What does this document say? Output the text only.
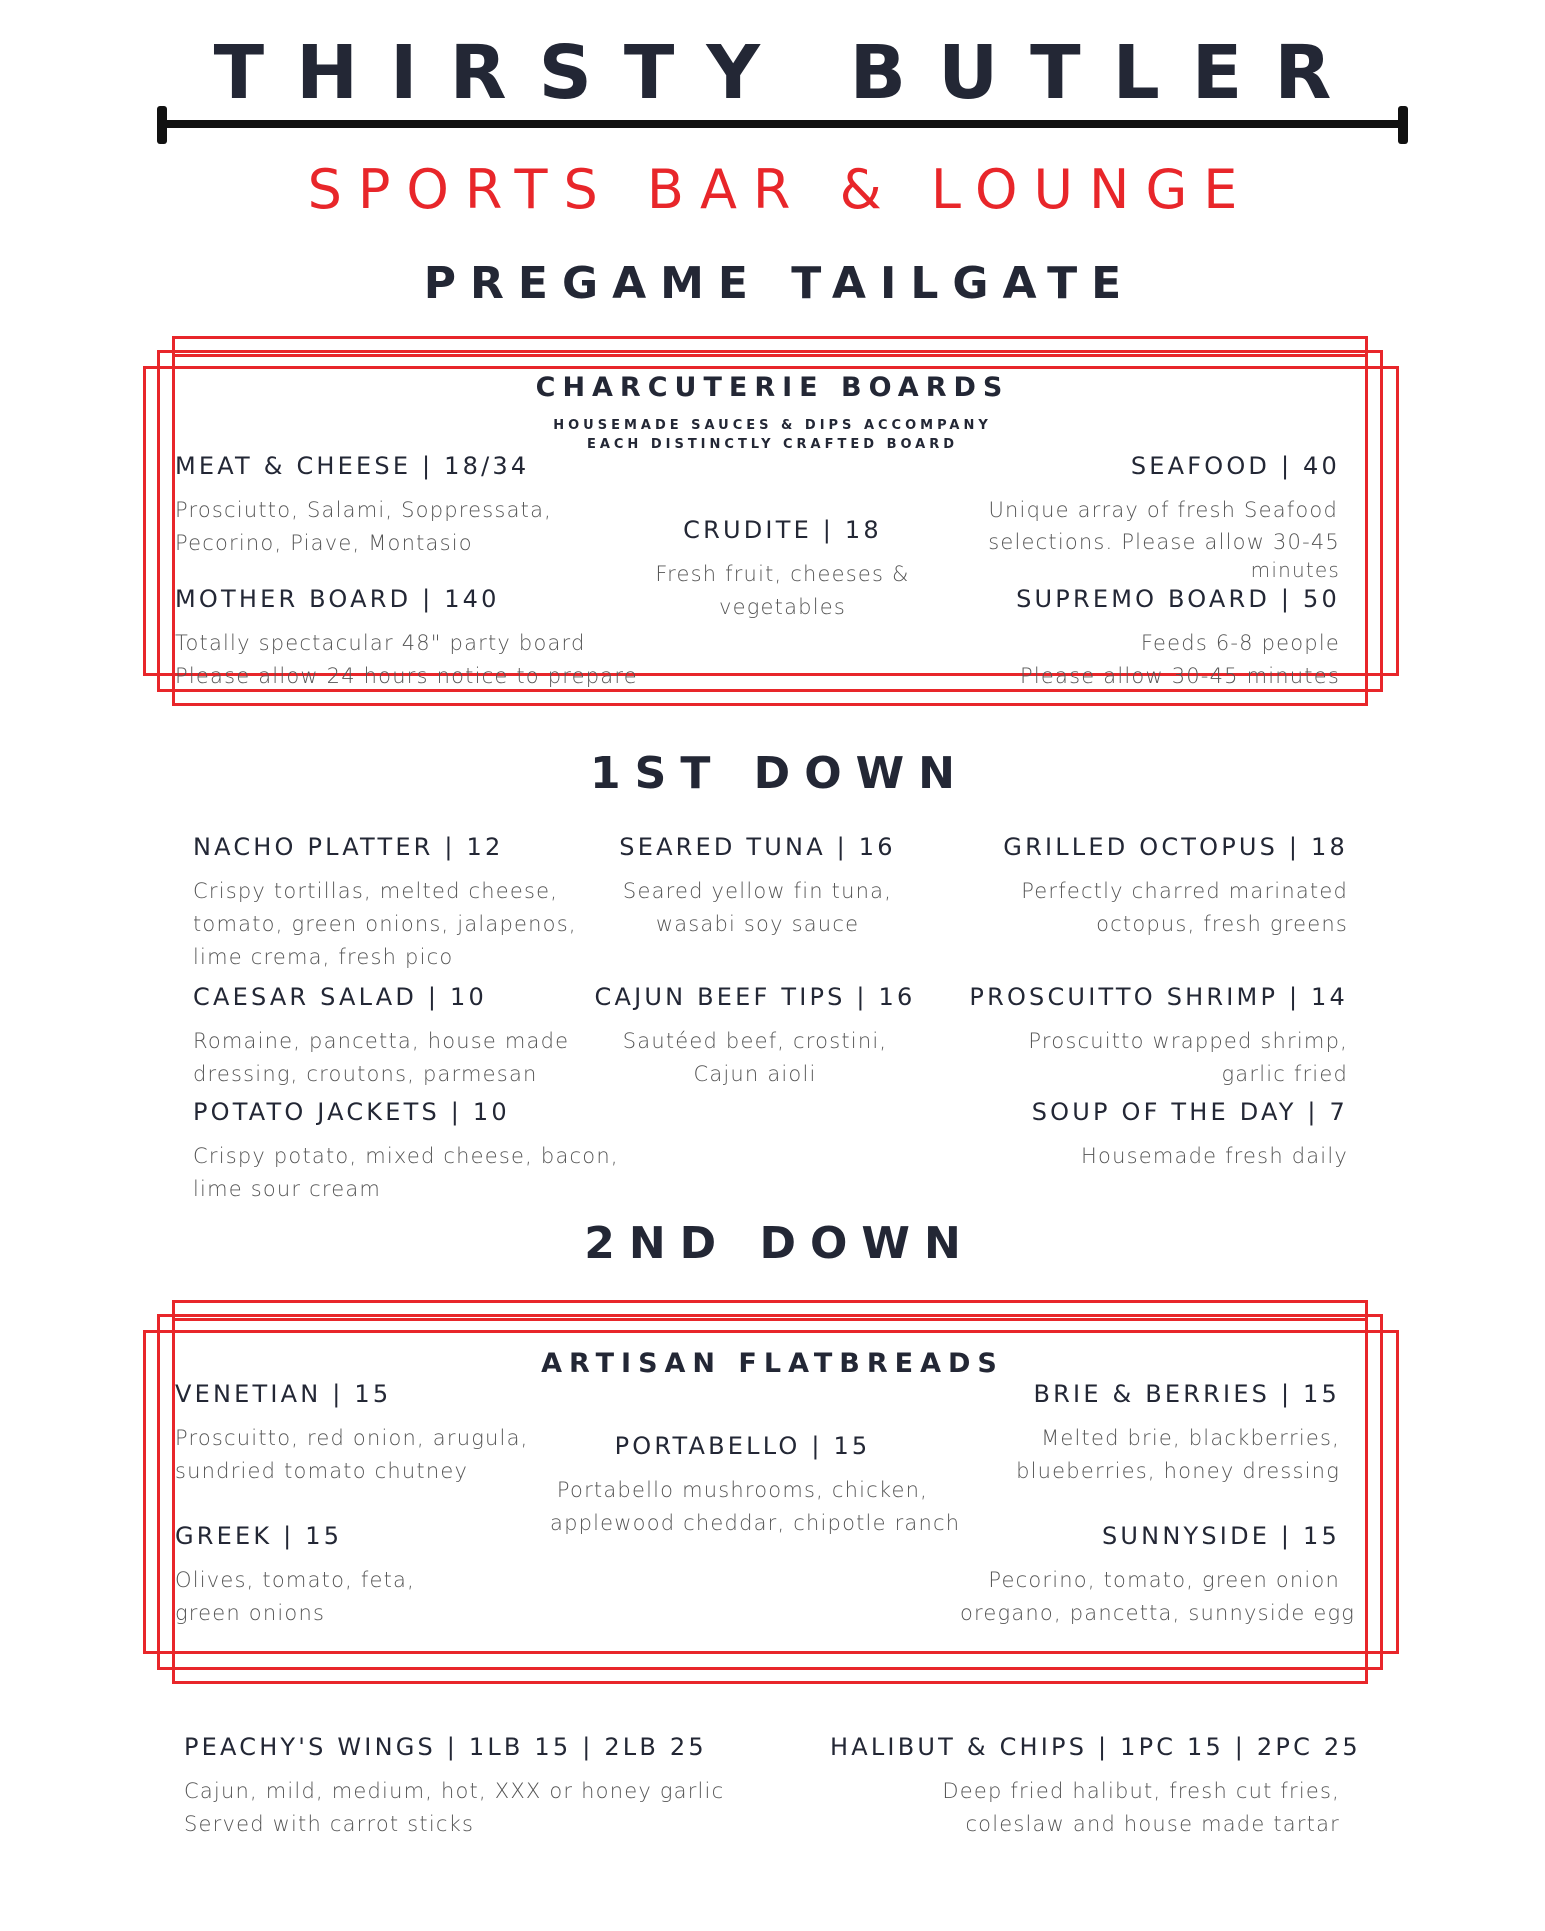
THIRSTY BUTLER
SPORTS BAR & LOUNGE
PREGAME TAILGATE
CHARCUTERIE BOARDS
HOUSEMADE SAUCES & DIPS ACCOMPANY
EACH DISTINCTLY CRAFTED BOARD
MEAT & CHEESE | 18/34
Prosciutto, Salami, Soppressata,
Pecorino, Piave, Montasio	CRUDITE | 18
Fresh fruit, cheeses &
vegetables
SEAFOOD | 40
Unique array of fresh Seafood
selections. Please allow 30-45
minutes
MOTHER BOARD | 140
Totally spectacular 48" party board
Please allow 24 hours notice to prepare
SUPREMO BOARD | 50
Feeds 6-8 people
Please allow 30-45 minutes
1ST DOWN
NACHO PLATTER | 12
Crispy tortillas, melted cheese,
tomato, green onions, jalapenos,
lime crema, fresh pico
SEARED TUNA | 16
Seared yellow fin tuna,
wasabi soy sauce
GRILLED OCTOPUS | 18
Perfectly charred marinated
octopus, fresh greens
CAESAR SALAD | 10
Romaine, pancetta, house made
dressing, croutons, parmesan
CAJUN BEEF TIPS | 16
Sautéed beef, crostini,
Cajun aioli
PROSCUITTO SHRIMP | 14
Proscuitto wrapped shrimp,
garlic fried
POTATO JACKETS | 10
Crispy potato, mixed cheese, bacon,
lime sour cream
SOUP OF THE DAY | 7
Housemade fresh daily
2ND DOWN
ARTISAN FLATBREADS
VENETIAN | 15
Proscuitto, red onion, arugula,
sundried tomato chutney
PORTABELLO | 15
Portabello mushrooms, chicken,
applewood cheddar, chipotle ranch
BRIE & BERRIES | 15
Melted brie, blackberries,
blueberries, honey dressing
GREEK | 15
Olives, tomato, feta,
green onions
SUNNYSIDE | 15
Pecorino, tomato, green onion
oregano, pancetta, sunnyside egg
PEACHY'S WINGS | 1LB 15 | 2LB 25
Cajun, mild, medium, hot, XXX or honey garlic
Served with carrot sticks
HALIBUT & CHIPS | 1PC 15 | 2PC 25
Deep fried halibut, fresh cut fries,
coleslaw and house made tartar
